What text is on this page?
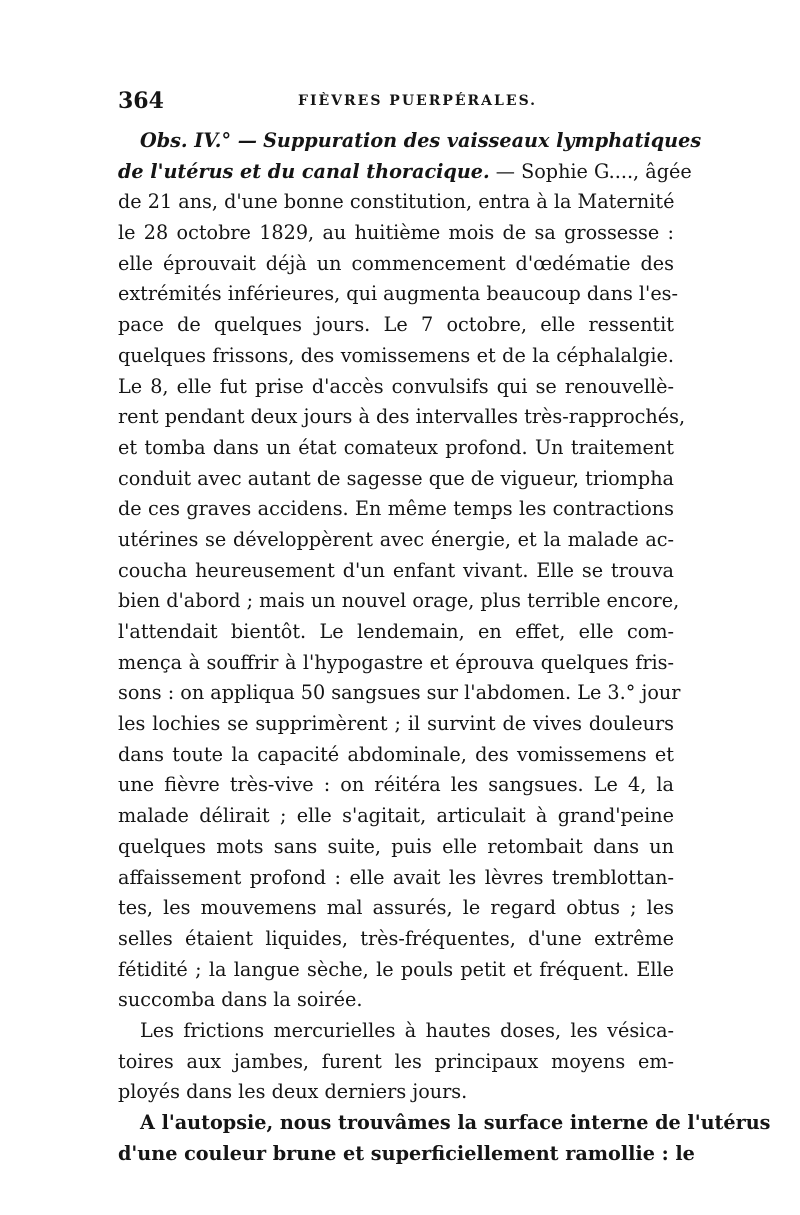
364	FIÈVRES PUERPÉRALES.
Obs. IV.° — Suppuration des vaisseaux lymphatiques
de l'utérus et du canal thoracique. — Sophie G...., âgée
de 21 ans, d'une bonne constitution, entra à la Maternité
le 28 octobre 1829, au huitième mois de sa grossesse :
elle éprouvait déjà un commencement d'œdématie des
extrémités inférieures, qui augmenta beaucoup dans l'es-
pace de quelques jours. Le 7 octobre, elle ressentit
quelques frissons, des vomissemens et de la céphalalgie.
Le 8, elle fut prise d'accès convulsifs qui se renouvellè-
rent pendant deux jours à des intervalles très-rapprochés,
et tomba dans un état comateux profond. Un traitement
conduit avec autant de sagesse que de vigueur, triompha
de ces graves accidens. En même temps les contractions
utérines se développèrent avec énergie, et la malade ac-
coucha heureusement d'un enfant vivant. Elle se trouva
bien d'abord ; mais un nouvel orage, plus terrible encore,
l'attendait bientôt. Le lendemain, en effet, elle com-
mença à souffrir à l'hypogastre et éprouva quelques fris-
sons : on appliqua 50 sangsues sur l'abdomen. Le 3.° jour
les lochies se supprimèrent ; il survint de vives douleurs
dans toute la capacité abdominale, des vomissemens et
une fièvre très-vive : on réitéra les sangsues. Le 4, la
malade délirait ; elle s'agitait, articulait à grand'peine
quelques mots sans suite, puis elle retombait dans un
affaissement profond : elle avait les lèvres tremblottan-
tes, les mouvemens mal assurés, le regard obtus ; les
selles étaient liquides, très-fréquentes, d'une extrême
fétidité ; la langue sèche, le pouls petit et fréquent. Elle
succomba dans la soirée.
Les frictions mercurielles à hautes doses, les vésica-
toires aux jambes, furent les principaux moyens em-
ployés dans les deux derniers jours.
A l'autopsie, nous trouvâmes la surface interne de l'utérus
d'une couleur brune et superficiellement ramollie : le
